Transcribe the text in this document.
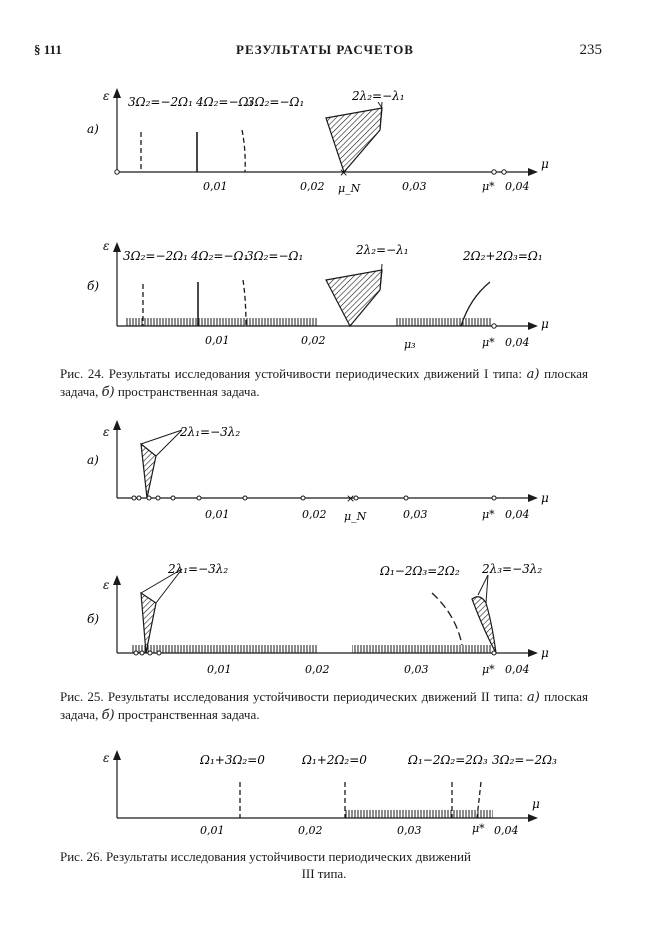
§ 111	РЕЗУЛЬТАТЫ РАСЧЕТОВ	235
ε
μ
а)
3Ω₂=−2Ω₁ 4Ω₂=−Ω₁
3Ω₂=−Ω₁	2λ₂=−λ₁
×
0,01	0,02 μ_N	0,03	μ* 0,04
ε
μ
б)
3Ω₂=−2Ω₁ 4Ω₂=−Ω₁
3Ω₂=−Ω₁	2λ₂=−λ₁	2Ω₂+2Ω₃=Ω₁
0,01	0,02	μ₃	μ* 0,04
Рис. 24. Результаты исследования устойчивости периодических движений I типа: а) плоская задача, б) пространственная задача.
ε
μ
а)
2λ₁=−3λ₂
×
0,01	0,02 μ_N	0,03	μ* 0,04
ε
μ
б)
2λ₁=−3λ₂	Ω₁−2Ω₃=2Ω₂ 2λ₃=−3λ₂
0,01	0,02	0,03	μ* 0,04
Рис. 25. Результаты исследования устойчивости периодических движений II типа: а) плоская задача, б) пространственная задача.
ε
μ
Ω₁+3Ω₂=0	Ω₁+2Ω₂=0	Ω₁−2Ω₂=2Ω₃ 3Ω₂=−2Ω₃
0,01	0,02	0,03	μ* 0,04
Рис. 26. Результаты исследования устойчивости периодических движений
III типа.
